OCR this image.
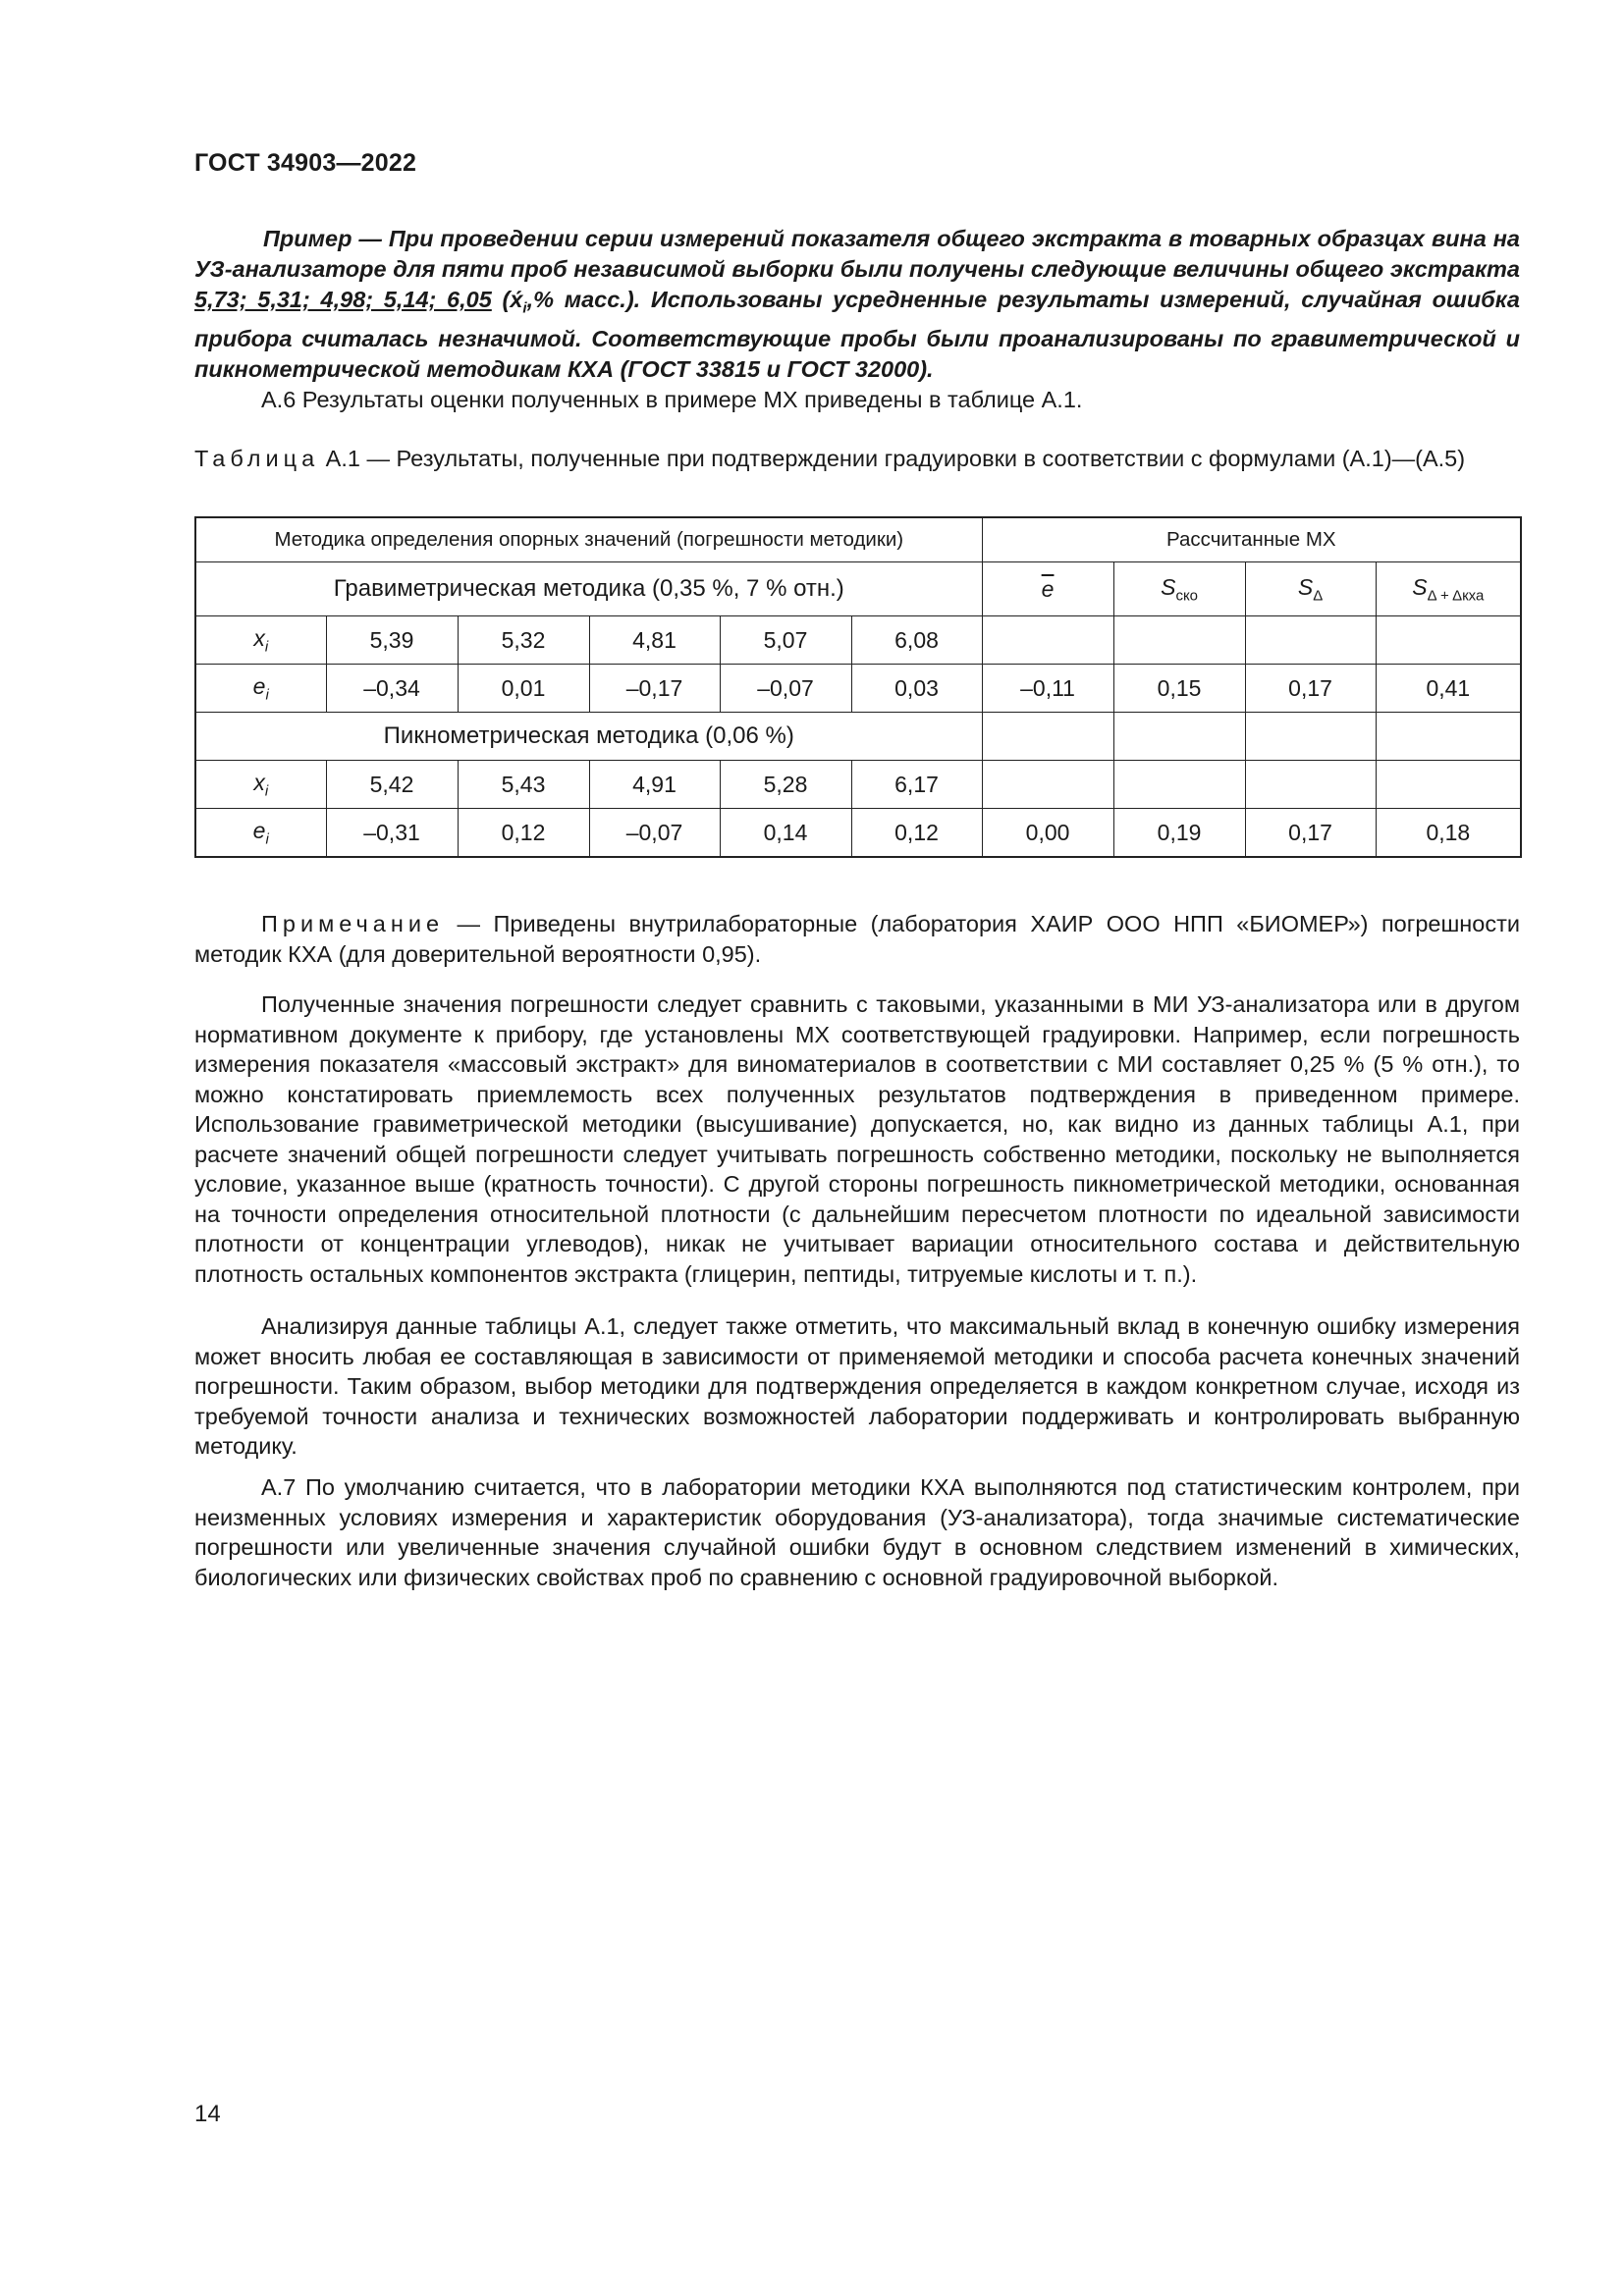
ГОСТ 34903—2022
Пример — При проведении серии измерений показателя общего экстракта в товарных образцах вина на УЗ-анализаторе для пяти проб независимой выборки были получены следующие величины общего экстракта 5,73; 5,31; 4,98; 5,14; 6,05 ($x́_i,\%$ масс.). Использованы усредненные результаты измерений, случайная ошибка прибора считалась незначимой. Соответствующие пробы были проанализированы по гравиметрической и пикнометрической методикам КХА (ГОСТ 33815 и ГОСТ 32000).
А.6 Результаты оценки полученных в примере МХ приведены в таблице А.1.
Таблица А.1 — Результаты, полученные при подтверждении градуировки в соответствии с формулами (А.1)—(А.5)
Методика определения опорных значений (погрешности методики)						Рассчитанные МХ			
Гравиметрическая методика (0,35 %, 7 % отн.)						$\overline{e}$	$S_{ско}$	$S_\Delta$	$S_{\Delta + \Delta кха}$
$x_i$	5,39	5,32	4,81	5,07	6,08				
$e_i$	–0,34	0,01	–0,17	–0,07	0,03	–0,11	0,15	0,17	0,41
Пикнометрическая методика (0,06 %)									
$x_i$	5,42	5,43	4,91	5,28	6,17				
$e_i$	–0,31	0,12	–0,07	0,14	0,12	0,00	0,19	0,17	0,18
Примечание — Приведены внутрилабораторные (лаборатория ХАИР ООО НПП «БИОМЕР») погрешности методик КХА (для доверительной вероятности 0,95).
Полученные значения погрешности следует сравнить с таковыми, указанными в МИ УЗ-анализатора или в другом нормативном документе к прибору, где установлены МХ соответствующей градуировки. Например, если погрешность измерения показателя «массовый экстракт» для виноматериалов в соответствии с МИ составляет 0,25 % (5 % отн.), то можно констатировать приемлемость всех полученных результатов подтверждения в приведенном примере. Использование гравиметрической методики (высушивание) допускается, но, как видно из данных таблицы А.1, при расчете значений общей погрешности следует учитывать погрешность собственно методики, поскольку не выполняется условие, указанное выше (кратность точности). С другой стороны погрешность пикнометрической методики, основанная на точности определения относительной плотности (с дальнейшим пересчетом плотности по идеальной зависимости плотности от концентрации углеводов), никак не учитывает вариации относительного состава и действительную плотность остальных компонентов экстракта (глицерин, пептиды, титруемые кислоты и т. п.).
Анализируя данные таблицы А.1, следует также отметить, что максимальный вклад в конечную ошибку измерения может вносить любая ее составляющая в зависимости от применяемой методики и способа расчета конечных значений погрешности. Таким образом, выбор методики для подтверждения определяется в каждом конкретном случае, исходя из требуемой точности анализа и технических возможностей лаборатории поддерживать и контролировать выбранную методику.
А.7 По умолчанию считается, что в лаборатории методики КХА выполняются под статистическим контролем, при неизменных условиях измерения и характеристик оборудования (УЗ-анализатора), тогда значимые систематические погрешности или увеличенные значения случайной ошибки будут в основном следствием изменений в химических, биологических или физических свойствах проб по сравнению с основной градуировочной выборкой.
14
